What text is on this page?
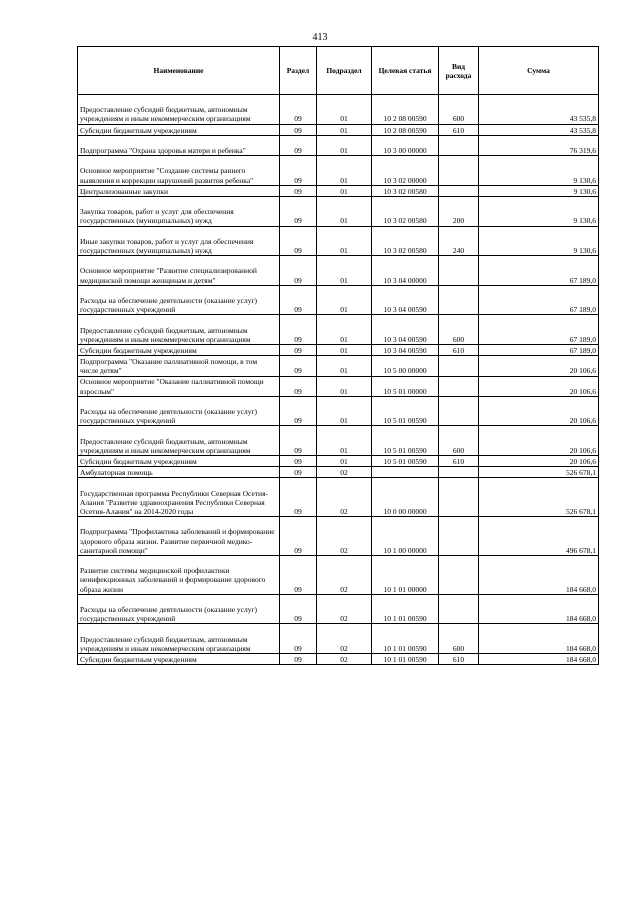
413
Наименование	Раздел	Подраздел	Целевая статья	Вид расхода	Сумма
Предоставление субсидий бюджетным, автономным учреждениям и иным некоммерческим организациям	09	01	10 2 08 00590	600	43 535,8
Субсидии бюджетным учреждениям	09	01	10 2 08 00590	610	43 535,8
Подпрограмма "Охрана здоровья матери и ребенка"	09	01	10 3 00 00000		76 319,6
Основное мероприятие "Создание системы раннего выявления и коррекции нарушений развития ребенка"	09	01	10 3 02 00000		9 130,6
Централизованные закупки	09	01	10 3 02 00580		9 130,6
Закупка товаров, работ и услуг для обеспечения государственных (муниципальных) нужд	09	01	10 3 02 00580	200	9 130,6
Иные закупки товаров, работ и услуг для обеспечения государственных (муниципальных) нужд	09	01	10 3 02 00580	240	9 130,6
Основное мероприятие "Развитие специализированной медицинской помощи женщинам и детям"	09	01	10 3 04 00000		67 189,0
Расходы на обеспечение деятельности (оказание услуг) государственных учреждений	09	01	10 3 04 00590		67 189,0
Предоставление субсидий бюджетным, автономным учреждениям и иным некоммерческим организациям	09	01	10 3 04 00590	600	67 189,0
Субсидии бюджетным учреждениям	09	01	10 3 04 00590	610	67 189,0
Подпрограмма "Оказание паллиативной помощи, в том числе детям"	09	01	10 5 00 00000		20 106,6
Основное мероприятие "Оказание паллиативной помощи взрослым"	09	01	10 5 01 00000		20 106,6
Расходы на обеспечение деятельности (оказание услуг) государственных учреждений	09	01	10 5 01 00590		20 106,6
Предоставление субсидий бюджетным, автономным учреждениям и иным некоммерческим организациям	09	01	10 5 01 00590	600	20 106,6
Субсидии бюджетным учреждениям	09	01	10 5 01 00590	610	20 106,6
Амбулаторная помощь	09	02			526 678,1
Государственная программа Республики Северная Осетия-Алания "Развитие здравоохранения Республики Северная Осетия-Алания" на 2014-2020 годы	09	02	10 0 00 00000		526 678,1
Подпрограмма "Профилактика заболеваний и формирование здорового образа жизни. Развитие первичной медико-санитарной помощи"	09	02	10 1 00 00000		496 678,1
Развитие системы медицинской профилактики неинфекционных заболеваний и формирование здорового образа жизни	09	02	10 1 01 00000		184 668,0
Расходы на обеспечение деятельности (оказание услуг) государственных учреждений	09	02	10 1 01 00590		184 668,0
Предоставление субсидий бюджетным, автономным учреждениям и иным некоммерческим организациям	09	02	10 1 01 00590	600	184 668,0
Субсидии бюджетным учреждениям	09	02	10 1 01 00590	610	184 668,0
